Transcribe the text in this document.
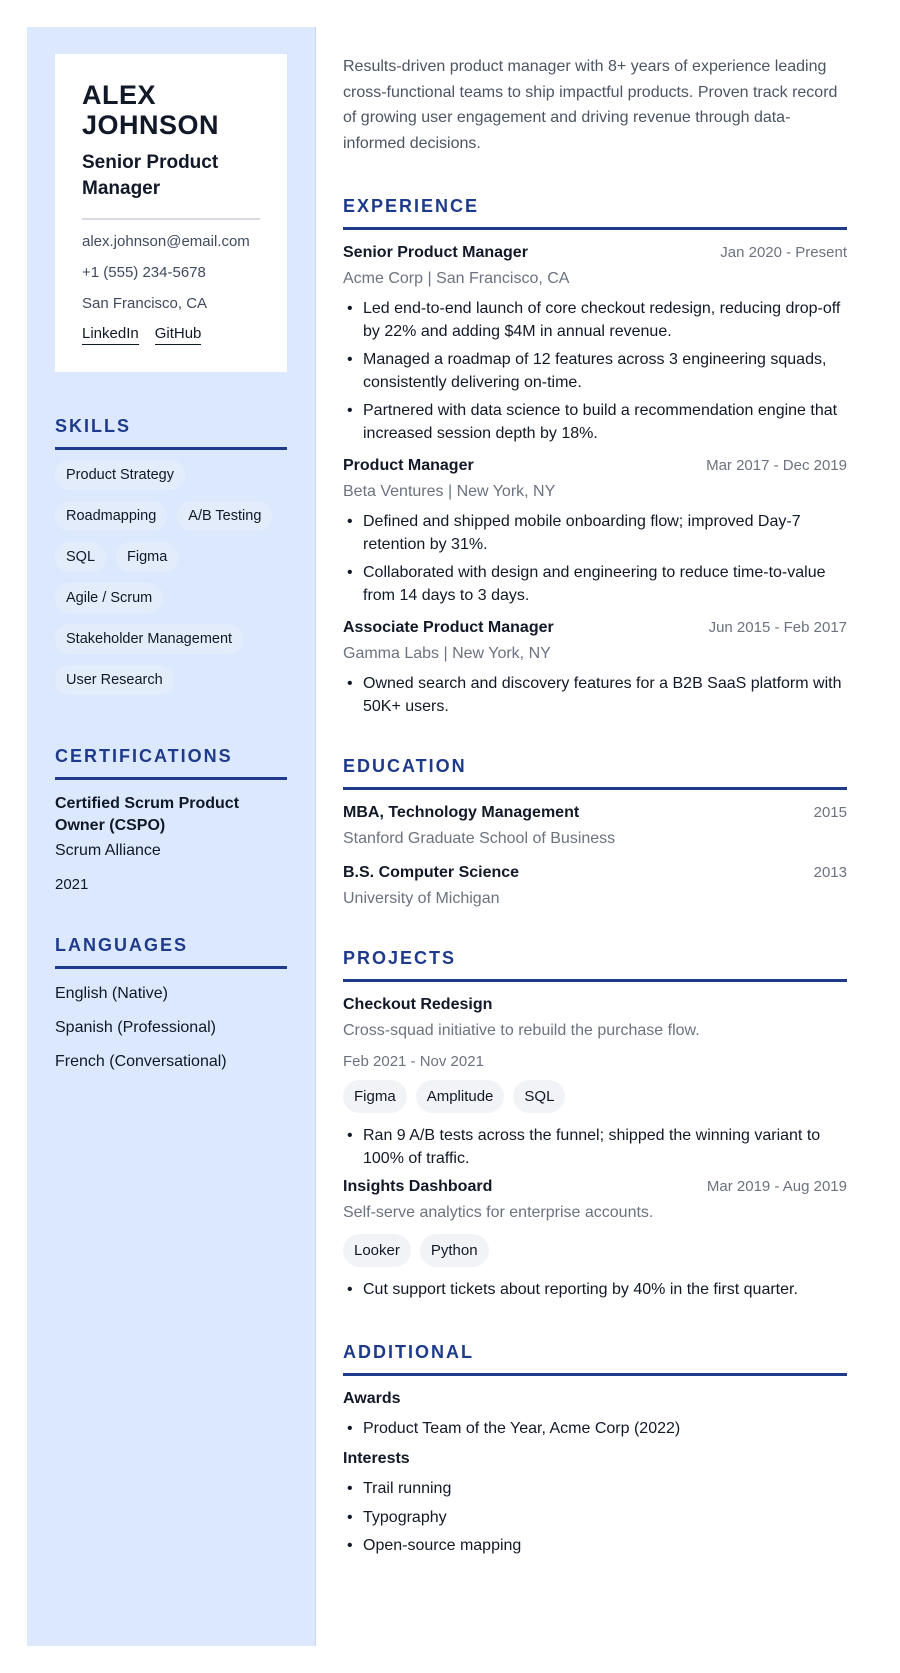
ALEX
JOHNSON
Senior Product Manager
alex.johnson@email.com
+1 (555) 234-5678
San Francisco, CA
LinkedIn GitHub
SKILLS
Product Strategy
Roadmapping	A/B Testing
SQL	Figma
Agile / Scrum
Stakeholder Management
User Research
CERTIFICATIONS
Certified Scrum Product Owner (CSPO)
Scrum Alliance
2021
LANGUAGES
English (Native)
Spanish (Professional)
French (Conversational)

Results-driven product manager with 8+ years of experience leading cross-functional teams to ship impactful products. Proven track record of growing user engagement and driving revenue through data-informed decisions.

EXPERIENCE
Senior Product Manager	Jan 2020 - Present
Acme Corp | San Francisco, CA
• Led end-to-end launch of core checkout redesign, reducing drop-off by 22% and adding $4M in annual revenue.
• Managed a roadmap of 12 features across 3 engineering squads, consistently delivering on-time.
• Partnered with data science to build a recommendation engine that increased session depth by 18%.
Product Manager	Mar 2017 - Dec 2019
Beta Ventures | New York, NY
• Defined and shipped mobile onboarding flow; improved Day-7 retention by 31%.
• Collaborated with design and engineering to reduce time-to-value from 14 days to 3 days.
Associate Product Manager	Jun 2015 - Feb 2017
Gamma Labs | New York, NY
• Owned search and discovery features for a B2B SaaS platform with 50K+ users.
EDUCATION
MBA, Technology Management	2015
Stanford Graduate School of Business
B.S. Computer Science	2013
University of Michigan
PROJECTS
Checkout Redesign
Cross-squad initiative to rebuild the purchase flow.
Feb 2021 - Nov 2021
Figma	Amplitude	SQL
• Ran 9 A/B tests across the funnel; shipped the winning variant to 100% of traffic.
Insights Dashboard	Mar 2019 - Aug 2019
Self-serve analytics for enterprise accounts.
Looker	Python
• Cut support tickets about reporting by 40% in the first quarter.
ADDITIONAL
Awards
• Product Team of the Year, Acme Corp (2022)
Interests
• Trail running
• Typography
• Open-source mapping
